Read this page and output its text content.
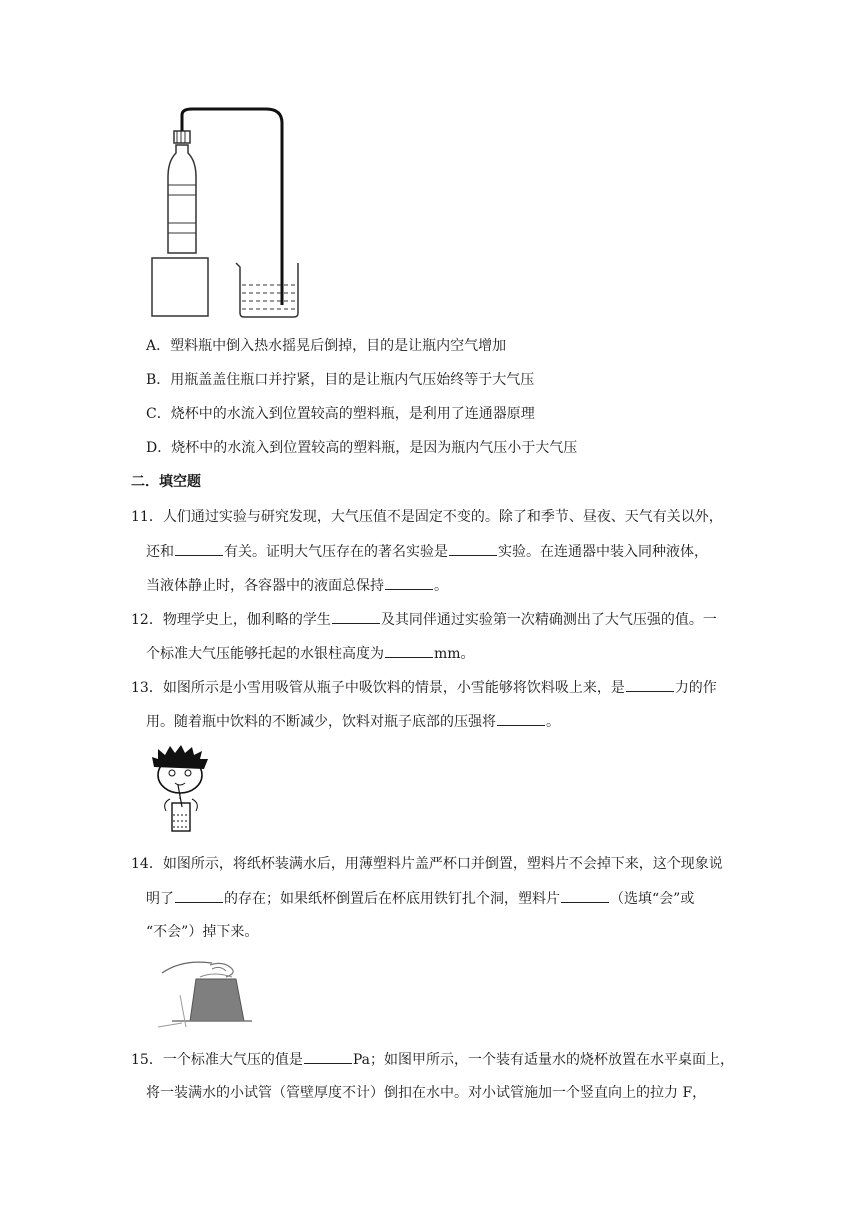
A．塑料瓶中倒入热水摇晃后倒掉，目的是让瓶内空气增加
B．用瓶盖盖住瓶口并拧紧，目的是让瓶内气压始终等于大气压
C．烧杯中的水流入到位置较高的塑料瓶，是利用了连通器原理
D．烧杯中的水流入到位置较高的塑料瓶，是因为瓶内气压小于大气压
二．填空题
11．人们通过实验与研究发现，大气压值不是固定不变的。除了和季节、昼夜、天气有关以外，
还和	有关。证明大气压存在的著名实验是	实验。在连通器中装入同种液体，
当液体静止时，各容器中的液面总保持	。
12．物理学史上，伽利略的学生	及其同伴通过实验第一次精确测出了大气压强的值。一
个标准大气压能够托起的水银柱高度为	mm。
13．如图所示是小雪用吸管从瓶子中吸饮料的情景，小雪能够将饮料吸上来，是	力的作
用。随着瓶中饮料的不断减少，饮料对瓶子底部的压强将	。
14．如图所示，将纸杯装满水后，用薄塑料片盖严杯口并倒置，塑料片不会掉下来，这个现象说
明了	的存在；如果纸杯倒置后在杯底用铁钉扎个洞，塑料片	（选填“会”或
“不会”）掉下来。
15．一个标准大气压的值是	Pa；如图甲所示，一个装有适量水的烧杯放置在水平桌面上，
将一装满水的小试管（管壁厚度不计）倒扣在水中。对小试管施加一个竖直向上的拉力 F，
